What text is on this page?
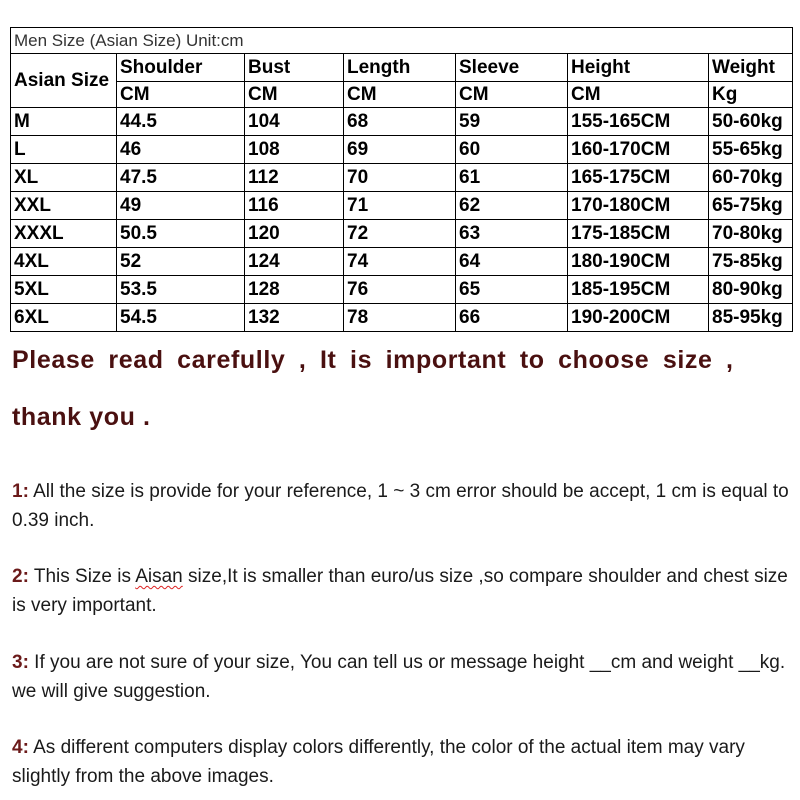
Men Size (Asian Size) Unit:cm						
Asian Size	Shoulder	Bust	Length	Sleeve	Height	Weight
	CM	CM	CM	CM	CM	Kg
M	44.5	104	68	59	155-165CM	50-60kg
L	46	108	69	60	160-170CM	55-65kg
XL	47.5	112	70	61	165-175CM	60-70kg
XXL	49	116	71	62	170-180CM	65-75kg
XXXL	50.5	120	72	63	175-185CM	70-80kg
4XL	52	124	74	64	180-190CM	75-85kg
5XL	53.5	128	76	65	185-195CM	80-90kg
6XL	54.5	132	78	66	190-200CM	85-95kg
Please read carefully , It is important to choose size ,
thank you .
1: All the size is provide for your reference, 1 ~ 3 cm error should be accept, 1 cm is equal to 0.39 inch.
2: This Size is Aisan size,It is smaller than euro/us size ,so compare shoulder and chest size is very important.
3: If you are not sure of your size, You can tell us or message height __cm and weight __kg. we will give suggestion.
4: As different computers display colors differently, the color of the actual item may vary slightly from the above images.
